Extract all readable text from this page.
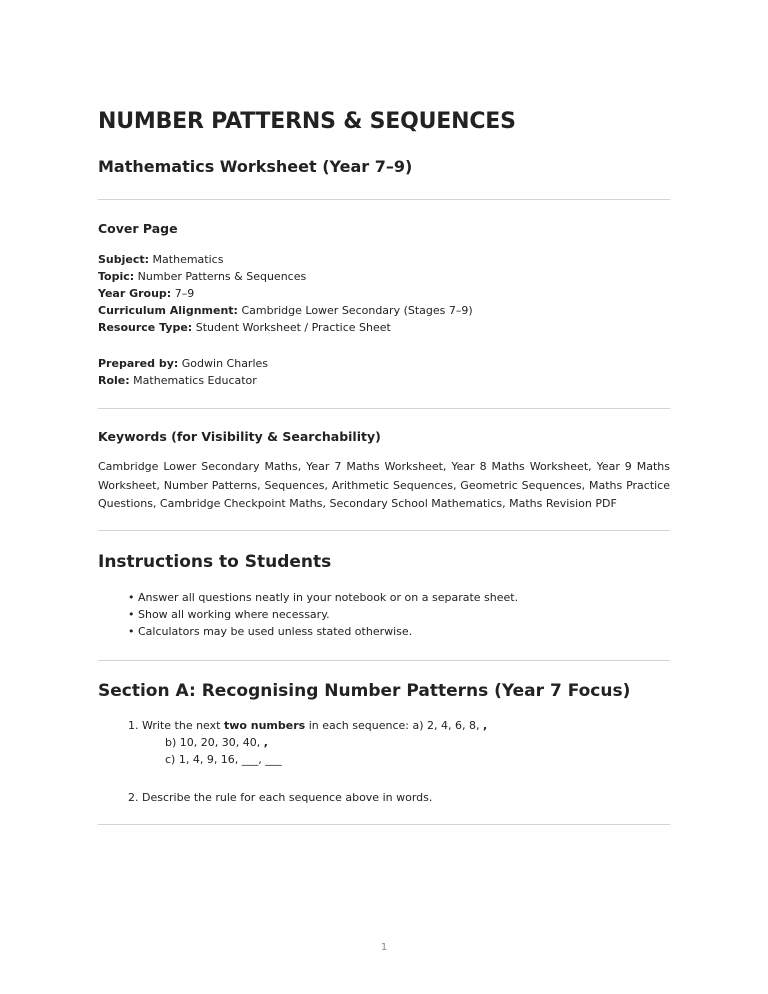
NUMBER PATTERNS & SEQUENCES
Mathematics Worksheet (Year 7–9)
Cover Page
Subject: Mathematics
Topic: Number Patterns & Sequences
Year Group: 7–9
Curriculum Alignment: Cambridge Lower Secondary (Stages 7–9)
Resource Type: Student Worksheet / Practice Sheet
Prepared by: Godwin Charles
Role: Mathematics Educator
Keywords (for Visibility & Searchability)
Cambridge Lower Secondary Maths, Year 7 Maths Worksheet, Year 8 Maths Worksheet, Year 9 Maths Worksheet, Number Patterns, Sequences, Arithmetic Sequences, Geometric Sequences, Maths Practice Questions, Cambridge Checkpoint Maths, Secondary School Mathematics, Maths Revision PDF
Instructions to Students
• Answer all questions neatly in your notebook or on a separate sheet.
• Show all working where necessary.
• Calculators may be used unless stated otherwise.
Section A: Recognising Number Patterns (Year 7 Focus)
1. Write the next two numbers in each sequence: a) 2, 4, 6, 8, ,
b) 10, 20, 30, 40, ,
c) 1, 4, 9, 16, ___, ___
2. Describe the rule for each sequence above in words.
1
